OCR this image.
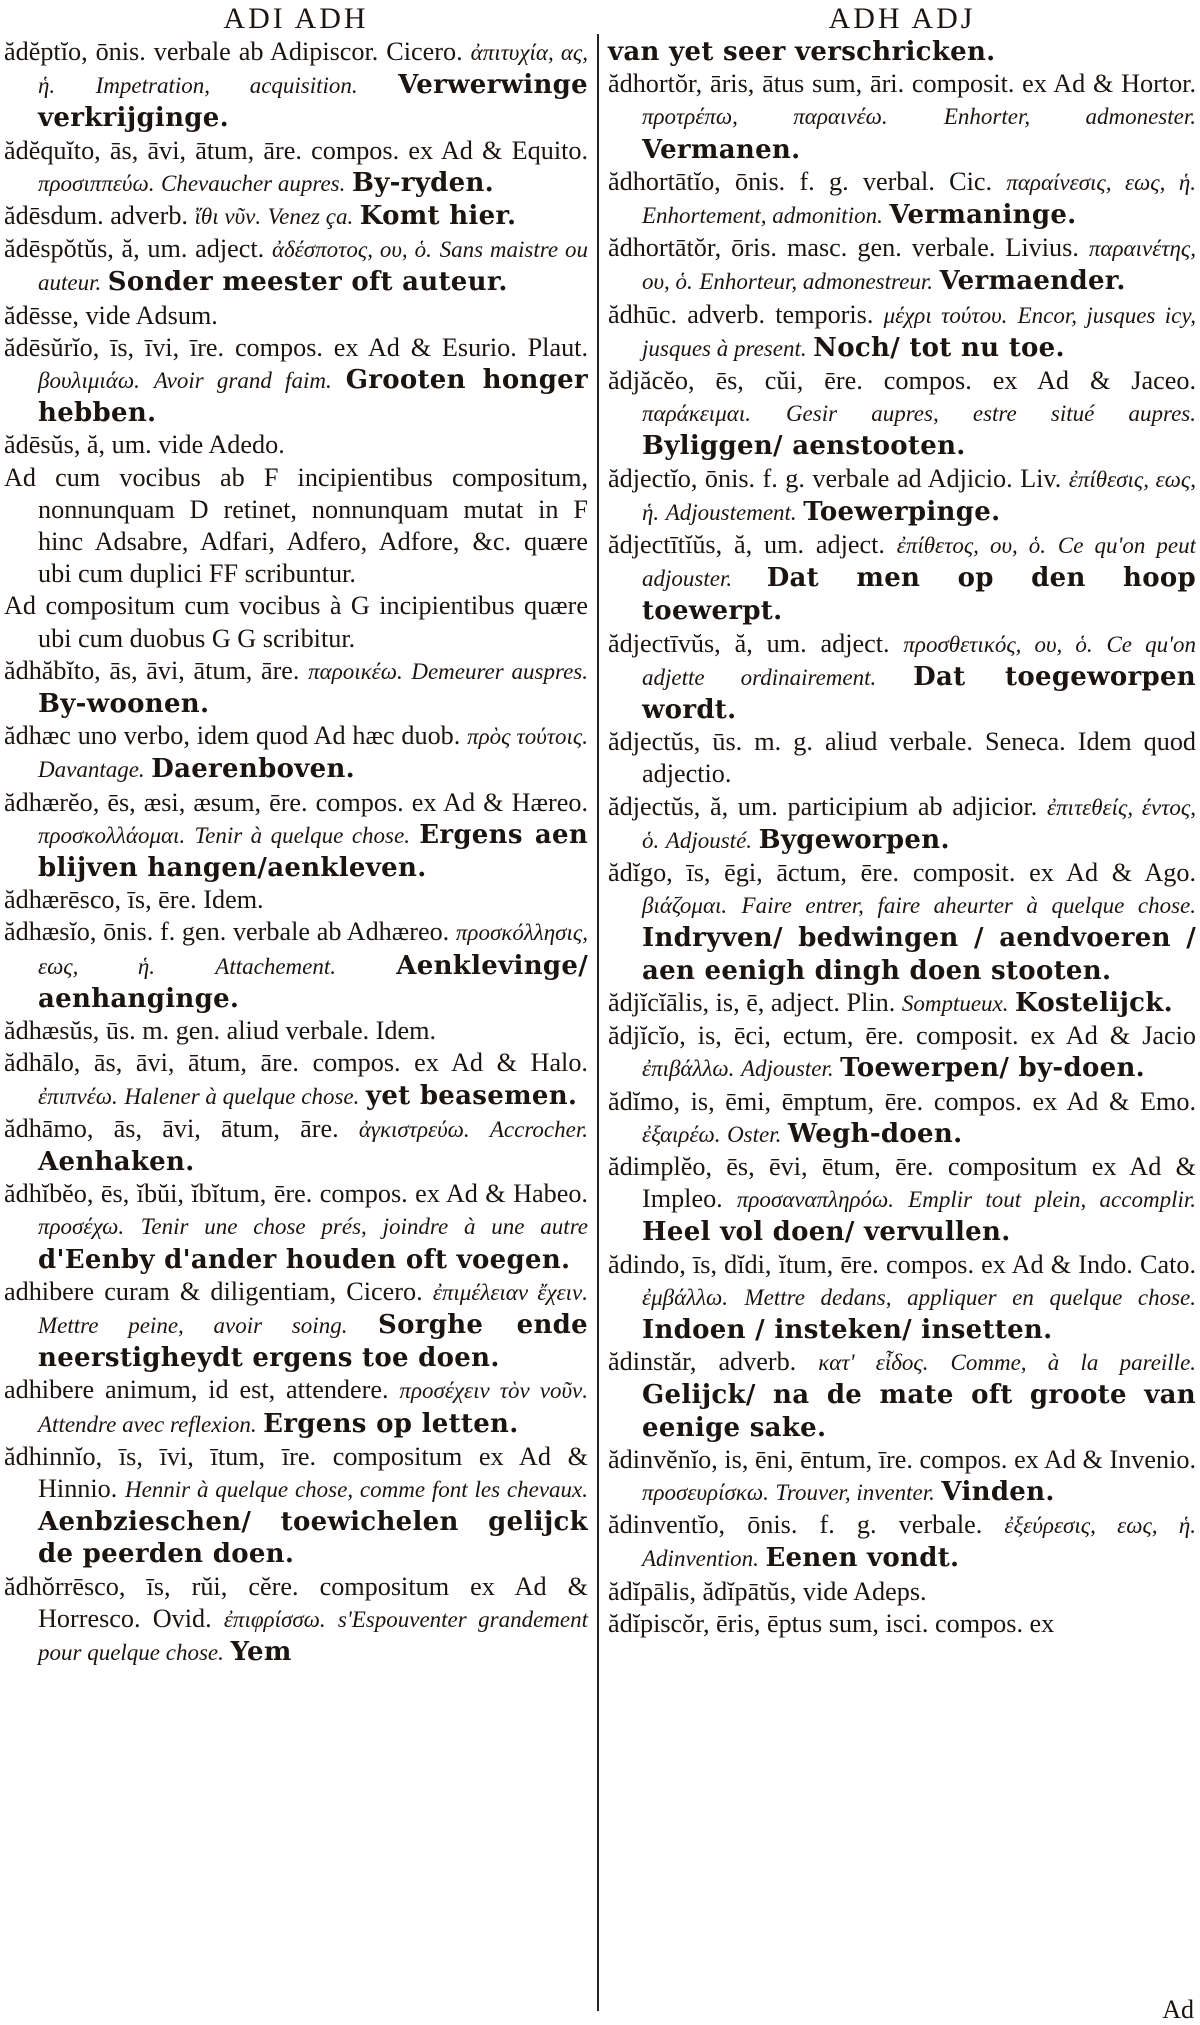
ADI ADH

ădĕptĭo, ōnis. verbale ab Adipiscor. Cicero. ἀπιτυχία, ας, ἡ. Impetration, acquisition. Verwerwinge verkrijginge.

ădĕquĭto, ās, āvi, ātum, āre. compos. ex Ad & Equito. προσιππεύω. Chevaucher aupres. By-ryden.

ădēsdum. adverb. ἴθι νῦν. Venez ça. Komt hier.

ădēspŏtŭs, ă, um. adject. ἀδέσποτος, ου, ὁ. Sans maistre ou auteur. Sonder meester oft auteur.

ădēsse, vide Adsum.

ădēsŭrĭo, īs, īvi, īre. compos. ex Ad & Esurio. Plaut. βουλιμιάω. Avoir grand faim. Grooten honger hebben.

ădēsŭs, ă, um. vide Adedo.

Ad cum vocibus ab F incipientibus compositum, nonnunquam D retinet, nonnunquam mutat in F hinc Adsabre, Adfari, Adfero, Adfore, &c. quære ubi cum duplici FF scribuntur.

Ad compositum cum vocibus à G incipientibus quære ubi cum duobus G G scribitur.

ădhăbĭto, ās, āvi, ātum, āre. παροικέω. Demeurer auspres. By-woonen.

ădhæc uno verbo, idem quod Ad hæc duob. πρὸς τούτοις. Davantage. Daerenboven.

ădhærĕo, ēs, æsi, æsum, ēre. compos. ex Ad & Hæreo. προσκολλάομαι. Tenir à quelque chose. Ergens aen blijven hangen/aenkleven.

ădhærēsco, īs, ēre. Idem.

ădhæsĭo, ōnis. f. gen. verbale ab Adhæreo. προσκόλλησις, εως, ἡ.	Attachement. Aenklevinge/ aenhanginge.

ădhæsŭs, ūs. m. gen. aliud verbale. Idem.

ădhālo, ās, āvi, ātum, āre. compos. ex Ad & Halo. ἐπιπνέω. Halener à quelque chose. yet beasemen.

ădhāmo, ās, āvi, ātum, āre. ἀγκιστρεύω. Accrocher. Aenhaken.

ădhĭbĕo, ēs, ĭbŭi, ĭbĭtum, ēre. compos. ex Ad & Habeo. προσέχω. Tenir une chose prés, joindre à une autre d'Eenby d'ander houden oft voegen.

adhibere curam & diligentiam, Cicero. ἐπιμέλειαν ἔχειν. Mettre peine, avoir soing. Sorghe ende neerstigheydt ergens toe doen.

adhibere animum, id est, attendere. προσέχειν τὸν νοῦν. Attendre avec reflexion. Ergens op letten.

ădhinnĭo, īs, īvi, ītum, īre. compositum ex Ad & Hinnio. Hennir à quelque chose, comme font les chevaux. Aenbzieschen/ toewichelen gelijck de peerden doen.

ădhŏrrēsco, īs, rŭi, cĕre. compositum ex Ad & Horresco. Ovid. ἐπιφρίσσω. s'Espouventer grandement pour quelque chose. Yem

ADH ADJ

van yet seer verschricken.

ădhortŏr, āris, ātus sum, āri. composit. ex Ad & Hortor. προτρέπω, παραινέω. Enhorter, admonester. Vermanen.

ădhortātĭo, ōnis. f. g. verbal. Cic. παραίνεσις, εως, ἡ. Enhortement, admonition. Vermaninge.

ădhortātŏr, ōris. masc. gen. verbale. Livius. παραινέτης, ου, ὁ. Enhorteur, admonestreur. Vermaender.

ădhūc. adverb. temporis. μέχρι τούτου. Encor, jusques icy, jusques à present. Noch/ tot nu toe.

ădjăcĕo, ēs, cŭi, ēre. compos. ex Ad & Jaceo. παράκειμαι. Gesir aupres, estre situé aupres. Byliggen/ aenstooten.

ădjectĭo, ōnis. f. g. verbale ad Adjicio. Liv. ἐπίθεσις, εως, ἡ. Adjoustement. Toewerpinge.

ădjectītĭŭs, ă, um. adject. ἐπίθετος, ου, ὁ. Ce qu'on peut adjouster. Dat men op den hoop toewerpt.

ădjectīvŭs, ă, um. adject. προσθετικός, ου, ὁ. Ce qu'on adjette ordinairement. Dat toegeworpen wordt.

ădjectŭs, ūs. m. g. aliud verbale. Seneca. Idem quod adjectio.

ădjectŭs, ă, um. participium ab adjicior. ἐπιτεθείς, έντος, ὁ. Adjousté. Bygeworpen.

ădĭgo, īs, ēgi, āctum, ēre. composit. ex Ad & Ago. βιάζομαι. Faire entrer, faire aheurter à quelque chose. Indryven/ bedwingen / aendvoeren / aen eenigh dingh doen stooten.

ădjĭcĭālis, is, ē, adject. Plin. Somptueux. Kostelijck.

ădjĭcĭo, is, ēci, ectum, ēre. composit. ex Ad & Jacio ἐπιβάλλω. Adjouster. Toewerpen/ by-doen.

ădĭmo, is, ēmi, ēmptum, ēre. compos. ex Ad & Emo. ἐξαιρέω. Oster. Wegh-doen.

ădimplĕo, ēs, ēvi, ētum, ēre. compositum ex Ad & Impleo. προσαναπληρόω. Emplir tout plein, accomplir. Heel vol doen/ vervullen.

ădindo, īs, dĭdi, ĭtum, ēre. compos. ex Ad & Indo. Cato. ἐμβάλλω. Mettre dedans, appliquer en quelque chose. Indoen / insteken/ insetten.

ădinstăr, adverb. κατ' εἶδος. Comme, à la pareille. Gelijck/ na de mate oft groote van eenige sake.

ădinvĕnĭo, is, ēni, ēntum, īre. compos. ex Ad & Invenio. προσευρίσκω. Trouver, inventer. Vinden.

ădinventĭo, ōnis. f. g. verbale. ἐξεύρεσις, εως, ἡ. Adinvention. Eenen vondt.

ădĭpālis, ădĭpātŭs, vide Adeps.

ădĭpiscŏr, ēris, ēptus sum, isci. compos. ex

Ad
